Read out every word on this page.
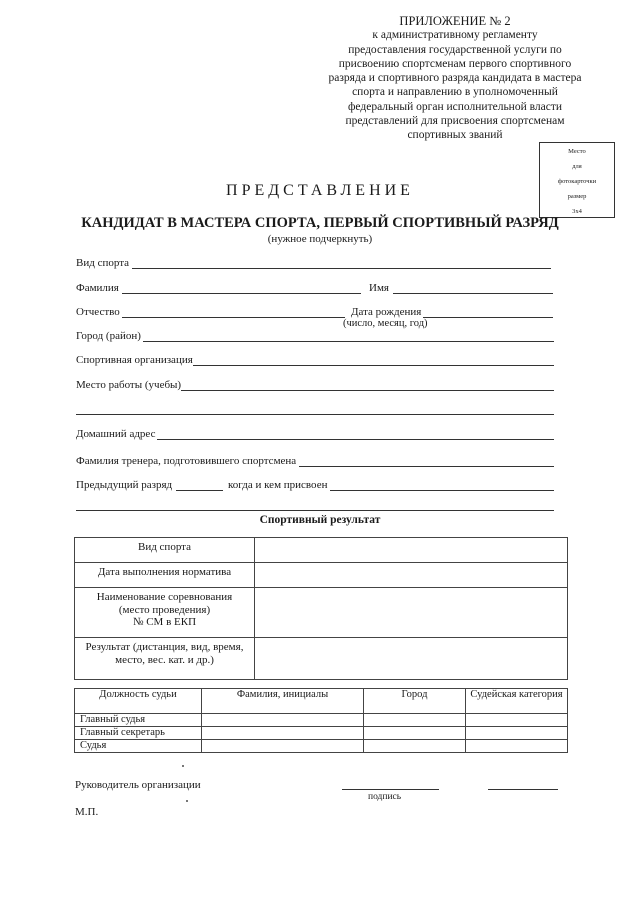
ПРИЛОЖЕНИЕ № 2
к административному регламенту
предоставления государственной услуги по
присвоению спортсменам первого спортивного
разряда и спортивного разряда кандидата в мастера
спорта и направлению в уполномоченный
федеральный орган исполнительной власти
представлений для присвоения спортсменам
спортивных званий
Место
для
фотокарточки
размер
3х4
ПРЕДСТАВЛЕНИЕ
КАНДИДАТ В МАСТЕРА СПОРТА, ПЕРВЫЙ СПОРТИВНЫЙ РАЗРЯД
(нужное подчеркнуть)
Вид спорта
Фамилия	Имя
Отчество	Дата рождения
(число, месяц, год)
Город (район)
Спортивная организация
Место работы (учебы)
Домашний адрес
Фамилия тренера, подготовившего спортсмена
Предыдущий разряд	когда и кем присвоен
Спортивный результат
Вид спорта	

Дата выполнения норматива	

Наименование соревнования
(место проведения)
№ СМ в ЕКП	

Результат (дистанция, вид, время,
место, вес. кат. и др.)	

Должность судьи	Фамилия, инициалы	Город	Судейская категория
Главный судья			
Главный секретарь			
Судья			
Руководитель организации
подпись
М.П.
